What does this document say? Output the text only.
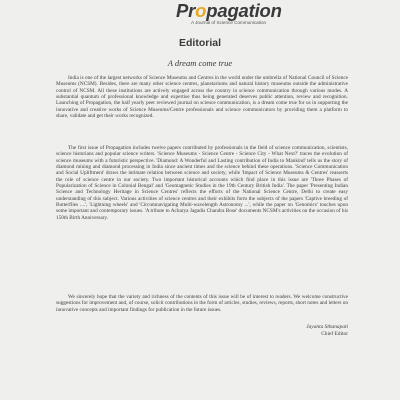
Propagation
A Journal of Science Communication
Editorial
A dream come true

India is one of the largest networks of Science Museums and Centres in the world under the umbrella of National Council of Science Museums (NCSM). Besides, there are many other science centres, planetariums and natural history museums outside the administrative control of NCSM. All these institutions are actively engaged across the country in science communication through various modes. A substantial quantum of professional knowledge and expertise thus being generated deserves public attention, review and recognition. Launching of Propagation, the half yearly peer reviewed journal on science communication, is a dream come true for us in supporting the innovative and creative works of Science Museums/Centre professionals and science communicators by providing them a platform to share, validate and get their works recognized.

The first issue of Propagation includes twelve papers contributed by professionals in the field of science communication, scientists, science historians and popular science writers. 'Science Museums - Science Centre - Science City - What Next?' traces the evolution of science museums with a futuristic perspective. 'Diamond: A Wonderful and Lasting contribution of India to Mankind' tells us the story of diamond mining and diamond processing in India since ancient times and the science behind these operations. 'Science Communication and Social Upliftment' draws the intimate relation between science and society, while 'Impact of Science Museums & Centres' reasserts the role of science centre in our society. Two important historical accounts which find place in this issue are 'Three Phases of Popularization of Science in Colonial Bengal' and 'Geomagnetic Studies in the 19th Century British India'. The paper 'Presenting Indian Science and Technology Heritage in Science Centres' reflects the efforts of the National Science Centre, Delhi to create easy understanding of this subject. Various activities of science centres and their exhibits form the subjects of the papers 'Captive breeding of Butterflies ....', 'Lightning wheels' and 'Circumnavigating Multi-wavelength Astronomy ...', while the paper on 'Genomics' touches upon some important and contemporary issues. 'A tribute to Acharya Jagadis Chandra Bose' documents NCSM's activities on the occasion of his 150th Birth Anniversary.

We sincerely hope that the variety and richness of the contents of this issue will be of interest to readers. We welcome constructive suggestions for improvement and, of course, solicit contributions in the form of articles, studies, reviews, reports, short notes and letters on innovative concepts and important findings for publication in the future issues.

Jayanta Sthanapati
Chief Editor
